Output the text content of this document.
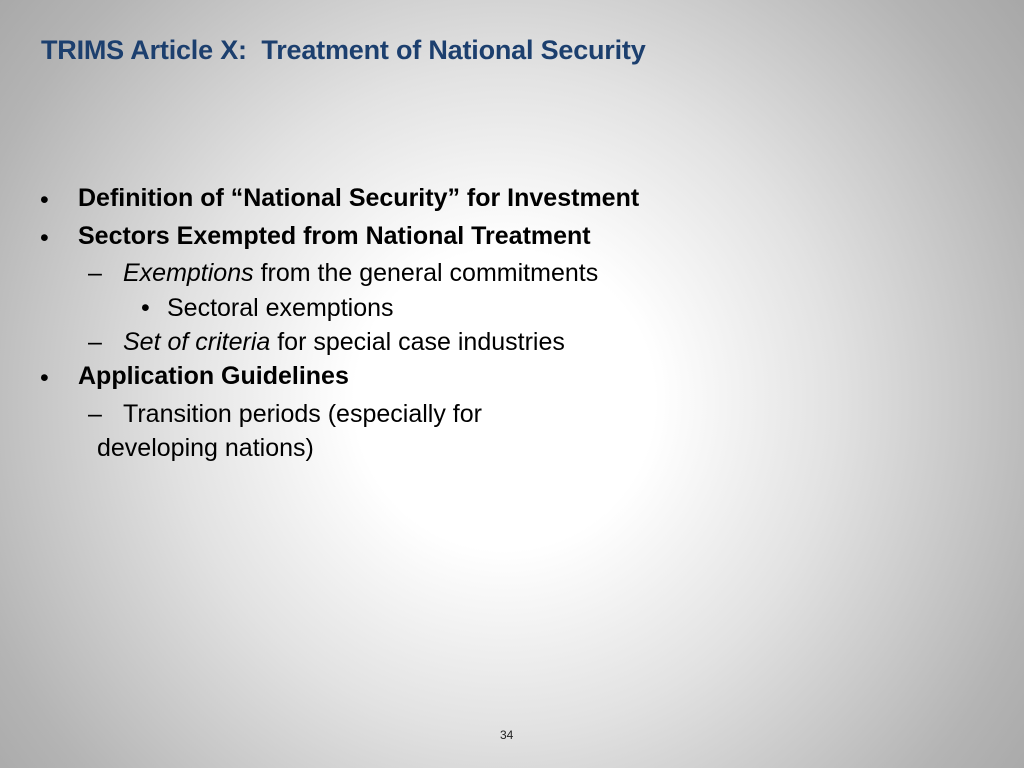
TRIMS Article X:  Treatment of National Security
• Definition of “National Security” for Investment
• Sectors Exempted from National Treatment
– Exemptions from the general commitments
• Sectoral exemptions
– Set of criteria for special case industries
• Application Guidelines
– Transition periods (especially for
developing nations)
34
